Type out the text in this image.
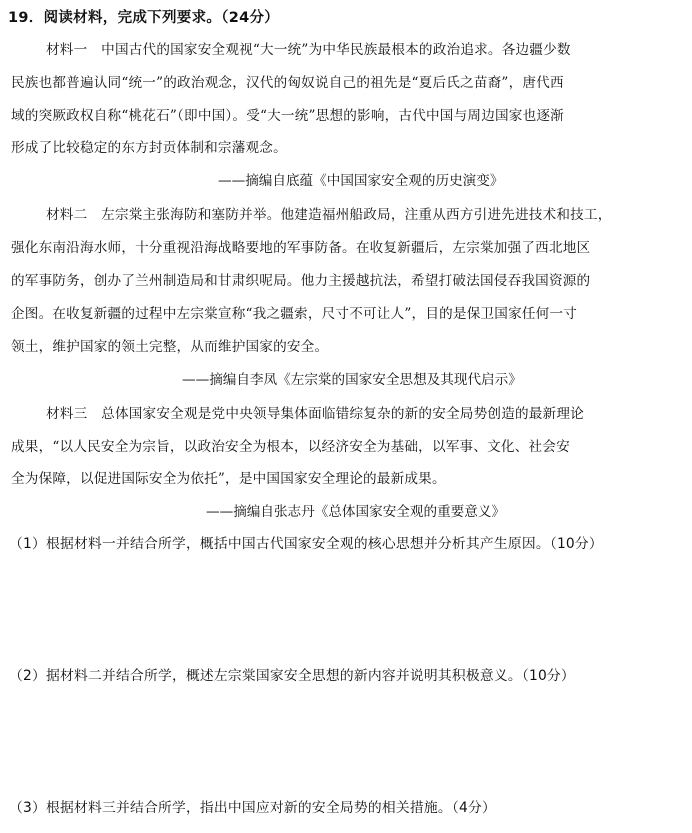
19．阅读材料，完成下列要求。（24分）
材料一　中国古代的国家安全观视“大一统”为中华民族最根本的政治追求。各边疆少数
民族也都普遍认同“统一”的政治观念，汉代的匈奴说自己的祖先是“夏后氏之苗裔”，唐代西
域的突厥政权自称“桃花石”（即中国）。受“大一统”思想的影响，古代中国与周边国家也逐渐
形成了比较稳定的东方封贡体制和宗藩观念。
——摘编自底蕴《中国国家安全观的历史演变》
材料二　左宗棠主张海防和塞防并举。他建造福州船政局，注重从西方引进先进技术和技工，
强化东南沿海水师，十分重视沿海战略要地的军事防备。在收复新疆后，左宗棠加强了西北地区
的军事防务，创办了兰州制造局和甘肃织呢局。他力主援越抗法，希望打破法国侵吞我国资源的
企图。在收复新疆的过程中左宗棠宣称“我之疆索，尺寸不可让人”，目的是保卫国家任何一寸
领土，维护国家的领土完整，从而维护国家的安全。
——摘编自李凤《左宗棠的国家安全思想及其现代启示》
材料三　总体国家安全观是党中央领导集体面临错综复杂的新的安全局势创造的最新理论
成果，“以人民安全为宗旨，以政治安全为根本，以经济安全为基础，以军事、文化、社会安
全为保障，以促进国际安全为依托”，是中国国家安全理论的最新成果。
——摘编自张志丹《总体国家安全观的重要意义》
（1）根据材料一并结合所学，概括中国古代国家安全观的核心思想并分析其产生原因。（10分）
（2）据材料二并结合所学，概述左宗棠国家安全思想的新内容并说明其积极意义。（10分）
（3）根据材料三并结合所学，指出中国应对新的安全局势的相关措施。（4分）
